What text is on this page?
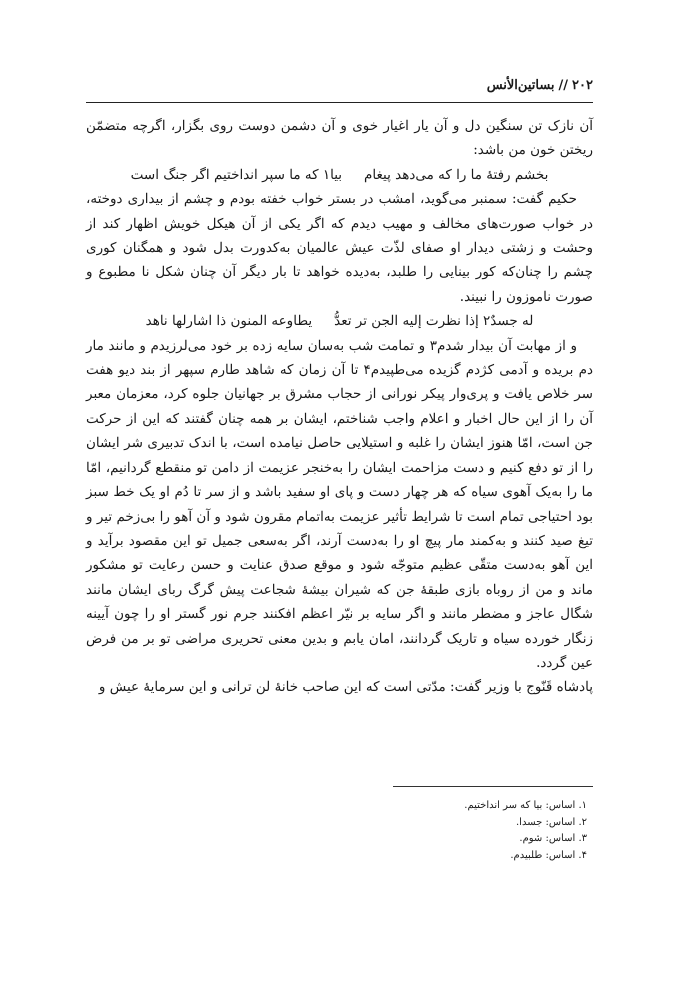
۲۰۲
//
بساتین‌الأنس

آن نازک تن سنگین دل و آن یار اغیار خوی و آن دشمن دوست روی بگزار، اگرچه متضمّن ریختن خون من باشد:

بخشم رفتهٔ ما را که می‌دهد پیغام
بیا۱ که ما سپر انداختیم اگر جنگ است

حکیم گفت: سمنبر می‌گوید، امشب در بستر خواب خفته بودم و چشم از بیداری دوخته، در خواب صورت‌های مخالف و مهیب دیدم که اگر یکی از آن هیکل خویش اظهار کند از وحشت و زشتی دیدار او صفای لذّت عیش عالمیان به‌کدورت بدل شود و همگنان کوری چشم را چنان‌که کور بینایی را طلبد، به‌دیده خواهد تا بار دیگر آن چنان شکل نا مطبوع و صورت ناموزون را نبیند.

له جسدٌ۲ إذا نظرت إلیه الجن تر تعدُّ
یطاوعه المنون ذا اشارلها ناهد

و از مهابت آن بیدار شدم۳ و تمامت شب به‌سان سایه زده بر خود می‌لرزیدم و مانند مار دم بریده و آدمی کژدم گزیده می‌طپیدم۴ تا آن زمان که شاهد طارم سپهر از بند دیو هفت سر خلاص یافت و پری‌وار پیکر نورانی از حجاب مشرق بر جهانیان جلوه کرد، معزمان معبر آن را از این حال اخبار و اعلام واجب شناختم، ایشان بر همه چنان گفتند که این از حرکت جن است، امّا هنوز ایشان را غلبه و استیلایی حاصل نیامده است، با اندک تدبیری شر ایشان را از تو دفع کنیم و دست مزاحمت ایشان را به‌خنجر عزیمت از دامن تو منقطع گردانیم، امّا ما را به‌یک آهوی سیاه که هر چهار دست و پای او سفید باشد و از سر تا دُم او یک خط سبز بود احتیاجی تمام است تا شرایط تأثیر عزیمت به‌اتمام مقرون شود و آن آهو را بی‌زخم تیر و تیغ صید کنند و به‌کمند مار پیچ او را به‌دست آرند، اگر به‌سعی جمیل تو این مقصود برآید و این آهو به‌دست متقّی عظیم متوجّه شود و موقع صدق عنایت و حسن رعایت تو مشکور ماند و من از روباه بازی طبقهٔ جن که شیران بیشهٔ شجاعت پیش گرگ ربای ایشان مانند شگال عاجز و مضطر مانند و اگر سایه بر نیّر اعظم افکنند جرم نور گستر او را چون آیینه زنگار خورده سیاه و تاریک گردانند، امان یابم و بدین معنی تحریری مراضی تو بر من فرض عین گردد.

پادشاه قَنّوج با وزیر گفت: مدّتی است که این صاحب خانهٔ لن ترانی و این سرمایهٔ عیش و

۱. اساس: بیا که سر انداختیم.
۲. اساس: جسدا.
۳. اساس: شوم.
۴. اساس: طلبیدم.
